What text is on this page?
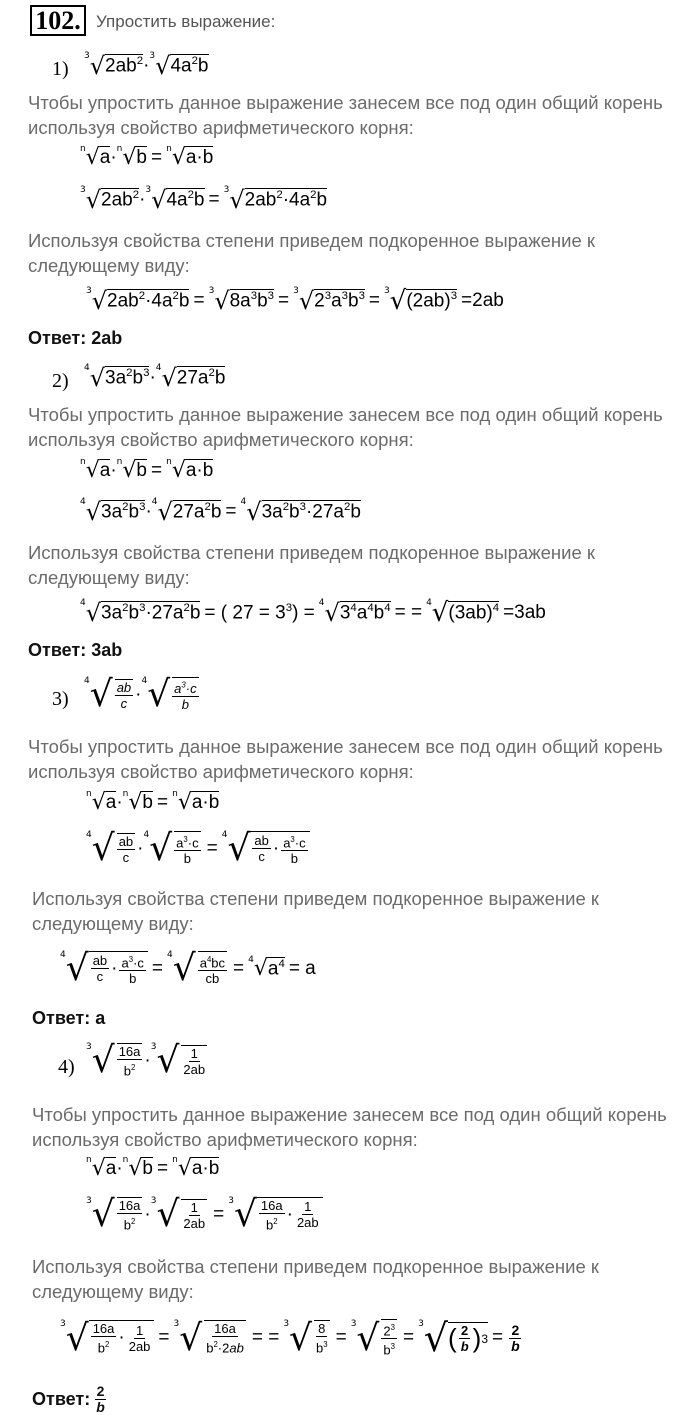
102. Упростить выражение:
1)
3 √ $2ab^2 \cdot 3$ √ $4a^2b$
Чтобы упростить данное выражение занесем все под один общий корень
используя свойство арифметического корня:
n √ a · n √ b = n √ a·b
3 √ $2ab^2 \cdot 3$ √ $4a^2b = 3$ √ $2ab^2\cdot 4a^2b$
Используя свойства степени приведем подкоренное выражение к
следующему виду:
3 √ $2ab^2\cdot 4a^2b = 3$ √ $8a^3b^3 = 3$ √ $2^3a^3b^3 = 3$ √ $(2ab)^3 =2ab$
Ответ: 2ab
2)
4 √ $3a^2b^3 \cdot 4$ √ $27a^2b$
Чтобы упростить данное выражение занесем все под один общий корень
используя свойство арифметического корня:
n √ a · n √ b = n √ a·b
4 √ $3a^2b^3 \cdot 4$ √ $27a^2b = 4$ √ $3a^2b^3\cdot 27a^2b$
Используя свойства степени приведем подкоренное выражение к
следующему виду:
4 √ $3a^2b^3\cdot 27a^2b$ = ( $27 = 3^3) = 4$ √ $3^4a^4b^4$ = = 4 √ $(3ab)^4 =3ab$
Ответ: 3ab
3)
4 √ $\frac{ab}{c}$ ·
4 √ $\frac{a^3\cdot c}{b}$
Чтобы упростить данное выражение занесем все под один общий корень
используя свойство арифметического корня:
n √ a · n √ b = n √ a·b
4 √ $\frac{ab}{c}$ ·
4 √ $\frac{a^3\cdot c}{b}$ =
4 √ $\frac{ab}{c} \cdot \frac{a^3\cdot c}{b}$
Используя свойства степени приведем подкоренное выражение к
следующему виду:
4 √ $\frac{ab}{c} \cdot \frac{a^3\cdot c}{b}$ =
4 √ $\frac{a^4bc}{cb} = 4$ √ $a^4 = a$
Ответ: a
4)
3 √ $\frac{16a}{b^2}$ ·
3 √ $\frac{1}{2ab}$
Чтобы упростить данное выражение занесем все под один общий корень
используя свойство арифметического корня:
n √ a · n √ b = n √ a·b
3 √ $\frac{16a}{b^2}$ ·
3 √ $\frac{1}{2ab}$ =
3 √ $\frac{16a}{b^2} \cdot \frac{1}{2ab}$
Используя свойства степени приведем подкоренное выражение к
следующему виду:
3 √ $\frac{16a}{b^2} \cdot \frac{1}{2ab}$ =
3 √ $\frac{16a}{b^2\cdot 2ab}$ = =
3 √ $\frac{8}{b^3}$ =
3 √ $\frac{2^3}{b^3}$ =
3 √ ( $\frac{2}{b}$ ) $3 = \frac{2}{b}$
Ответ: $\frac{2}{b}$
